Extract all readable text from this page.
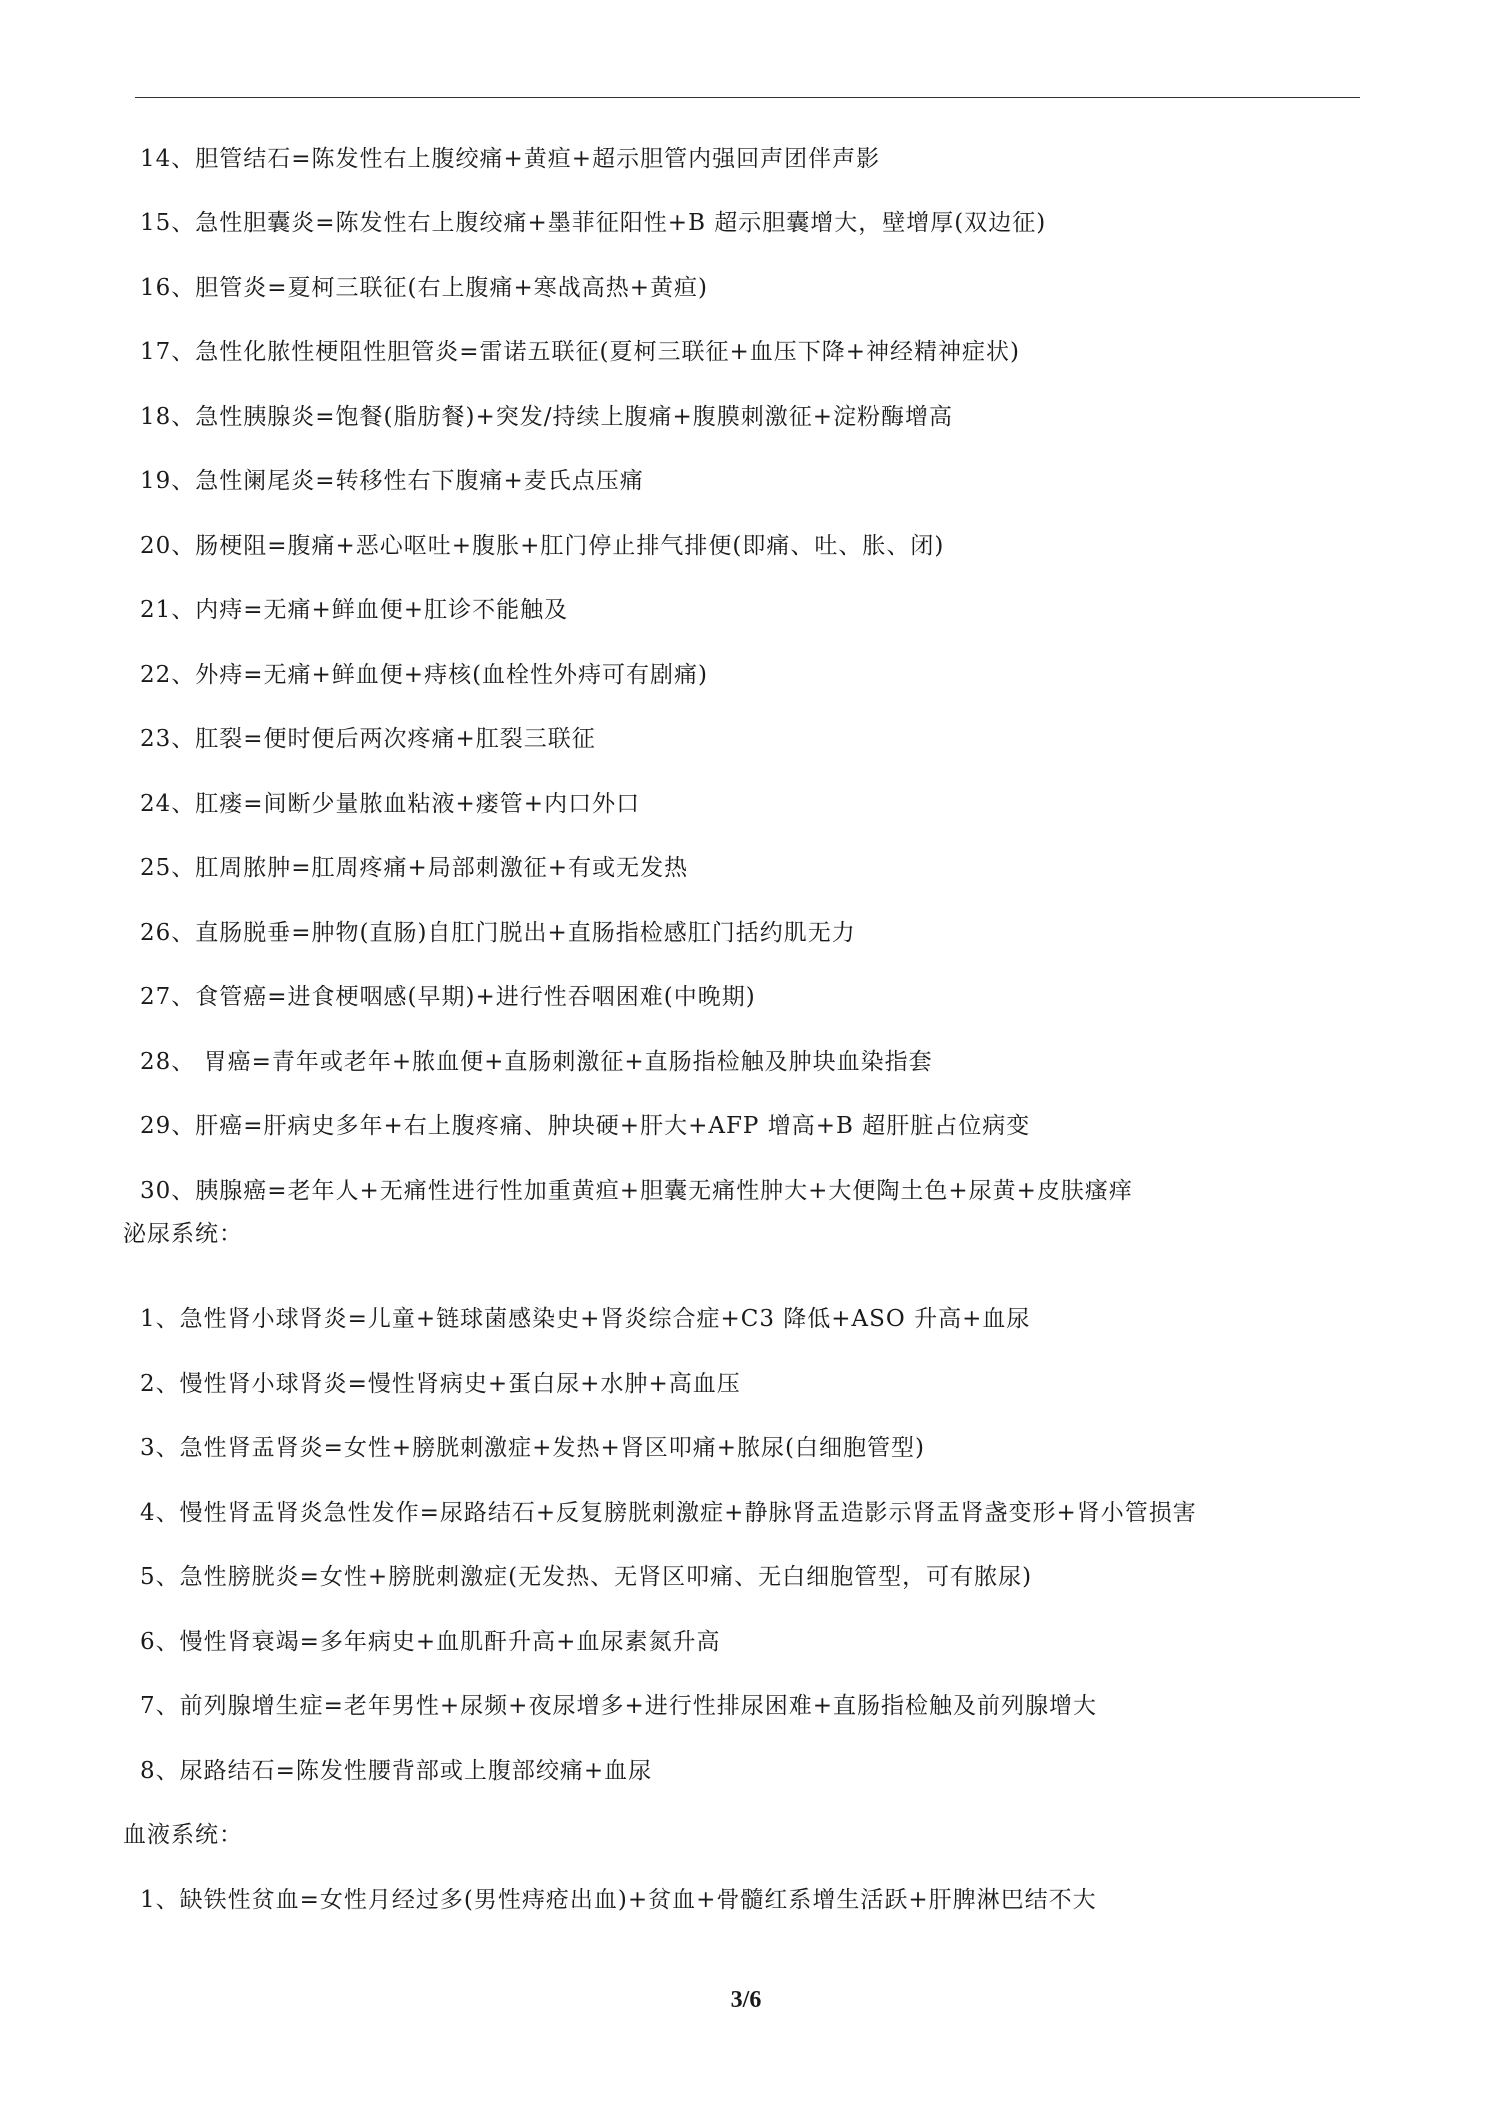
14、胆管结石=陈发性右上腹绞痛+黄疸+超示胆管内强回声团伴声影
15、急性胆囊炎=陈发性右上腹绞痛+墨菲征阳性+B 超示胆囊增大，壁增厚(双边征)
16、胆管炎=夏柯三联征(右上腹痛+寒战高热+黄疸)
17、急性化脓性梗阻性胆管炎=雷诺五联征(夏柯三联征+血压下降+神经精神症状)
18、急性胰腺炎=饱餐(脂肪餐)+突发/持续上腹痛+腹膜刺激征+淀粉酶增高
19、急性阑尾炎=转移性右下腹痛+麦氏点压痛
20、肠梗阻=腹痛+恶心呕吐+腹胀+肛门停止排气排便(即痛、吐、胀、闭)
21、内痔=无痛+鲜血便+肛诊不能触及
22、外痔=无痛+鲜血便+痔核(血栓性外痔可有剧痛)
23、肛裂=便时便后两次疼痛+肛裂三联征
24、肛瘘=间断少量脓血粘液+瘘管+内口外口
25、肛周脓肿=肛周疼痛+局部刺激征+有或无发热
26、直肠脱垂=肿物(直肠)自肛门脱出+直肠指检感肛门括约肌无力
27、食管癌=进食梗咽感(早期)+进行性吞咽困难(中晚期)
28、 胃癌=青年或老年+脓血便+直肠刺激征+直肠指检触及肿块血染指套
29、肝癌=肝病史多年+右上腹疼痛、肿块硬+肝大+AFP 增高+B 超肝脏占位病变
30、胰腺癌=老年人+无痛性进行性加重黄疸+胆囊无痛性肿大+大便陶土色+尿黄+皮肤瘙痒
泌尿系统：
1、急性肾小球肾炎=儿童+链球菌感染史+肾炎综合症+C3 降低+ASO 升高+血尿
2、慢性肾小球肾炎=慢性肾病史+蛋白尿+水肿+高血压
3、急性肾盂肾炎=女性+膀胱刺激症+发热+肾区叩痛+脓尿(白细胞管型)
4、慢性肾盂肾炎急性发作=尿路结石+反复膀胱刺激症+静脉肾盂造影示肾盂肾盏变形+肾小管损害
5、急性膀胱炎=女性+膀胱刺激症(无发热、无肾区叩痛、无白细胞管型，可有脓尿)
6、慢性肾衰竭=多年病史+血肌酐升高+血尿素氮升高
7、前列腺增生症=老年男性+尿频+夜尿增多+进行性排尿困难+直肠指检触及前列腺增大
8、尿路结石=陈发性腰背部或上腹部绞痛+血尿
血液系统：
1、缺铁性贫血=女性月经过多(男性痔疮出血)+贫血+骨髓红系增生活跃+肝脾淋巴结不大
3/6
